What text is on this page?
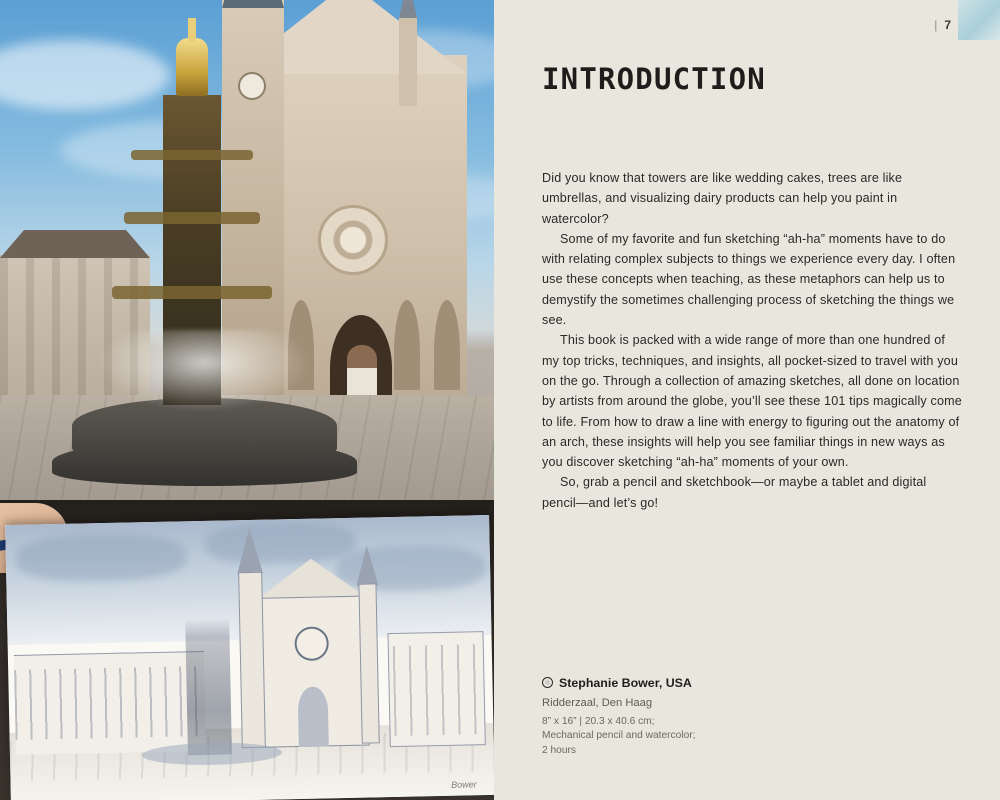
Bower
| 7
INTRODUCTION

Did you know that towers are like wedding cakes, trees are like umbrellas, and visualizing dairy products can help you paint in watercolor?

Some of my favorite and fun sketching “ah-ha” moments have to do with relating complex subjects to things we experience every day. I often use these concepts when teaching, as these metaphors can help us to demystify the sometimes challenging process of sketching the things we see.

This book is packed with a wide range of more than one hundred of my top tricks, techniques, and insights, all pocket-sized to travel with you on the go. Through a collection of amazing sketches, all done on location by artists from around the globe, you’ll see these 101 tips magically come to life. From how to draw a line with energy to figuring out the anatomy of an arch, these insights will help you see familiar things in new ways as you discover sketching “ah-ha” moments of your own.

So, grab a pencil and sketchbook—or maybe a tablet and digital pencil—and let’s go!

Stephanie Bower, USA
Ridderzaal, Den Haag
8” x 16” | 20.3 x 40.6 cm;
Mechanical pencil and watercolor;
2 hours
